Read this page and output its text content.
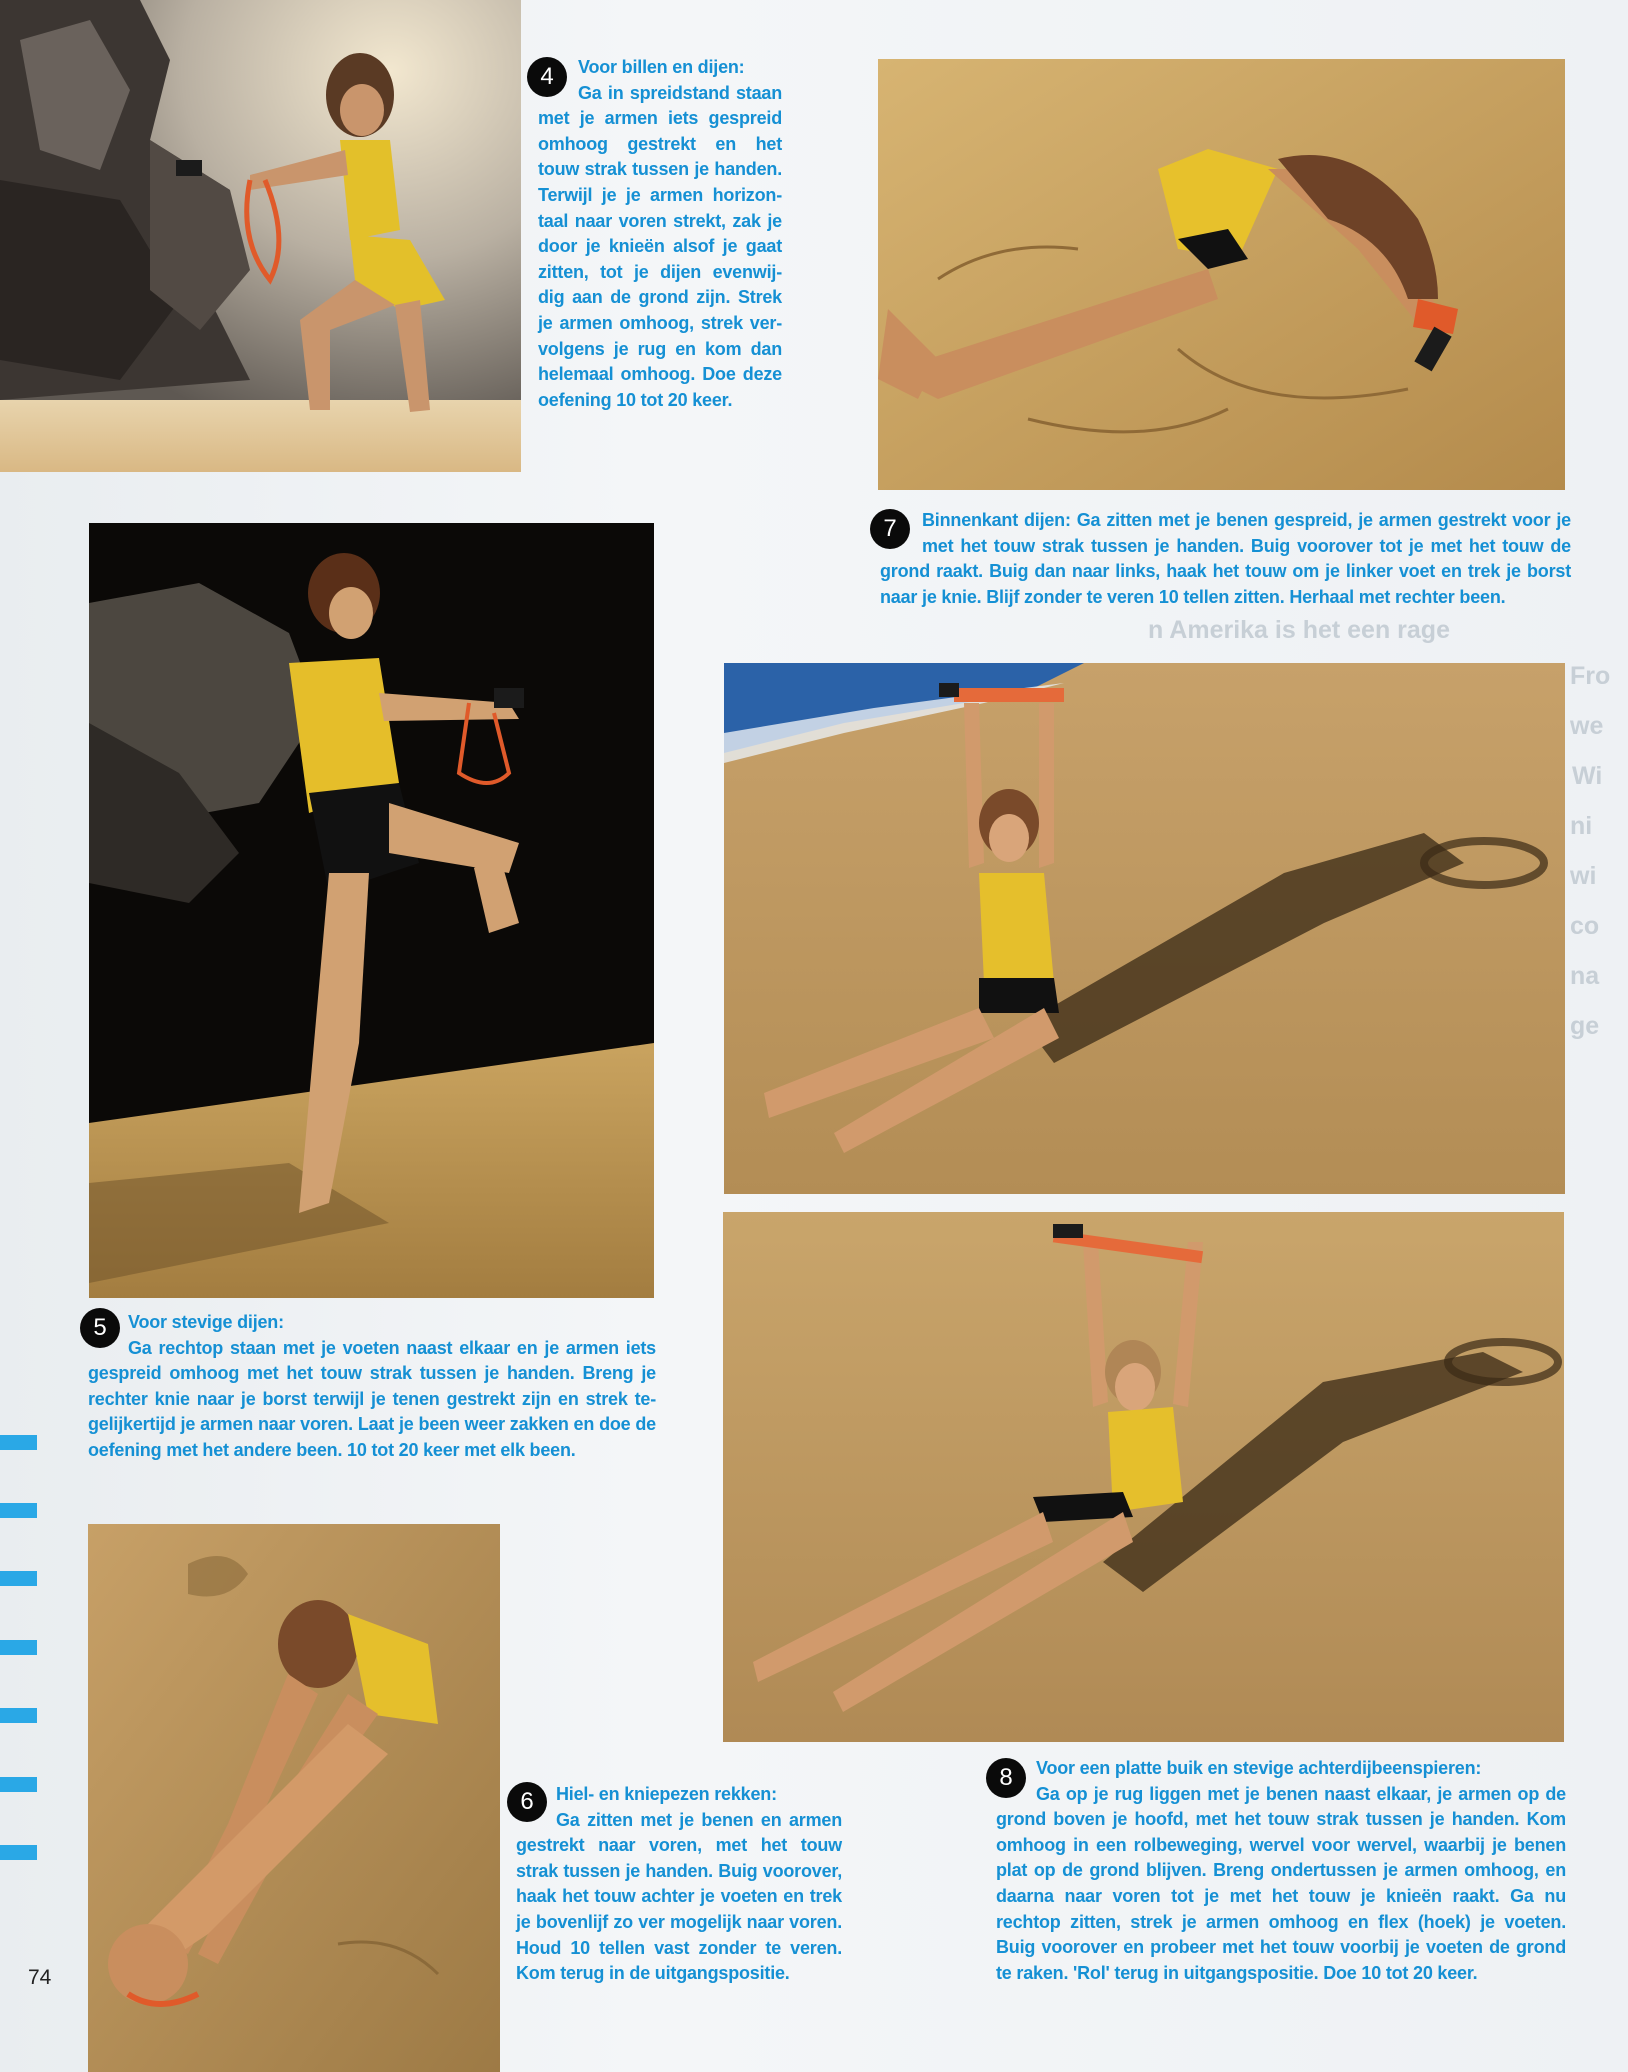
n Amerika is het een rage
Fro
we
Wi
ni
wi
co
na
ge
4	Voor billen en dijen:
Ga in spreidstand staan
met je armen iets gespreid
omhoog gestrekt en het
touw strak tussen je handen.
Terwijl je je armen horizon-
taal naar voren strekt, zak je
door je knieën alsof je gaat
zitten, tot je dijen evenwij-
dig aan de grond zijn. Strek
je armen omhoog, strek ver-
volgens je rug en kom dan
helemaal omhoog. Doe deze
oefening 10 tot 20 keer.
7	Binnenkant dijen: Ga zitten met je benen gespreid, je armen gestrekt voor je
met het touw strak tussen je handen. Buig voorover tot je met het touw de
grond raakt. Buig dan naar links, haak het touw om je linker voet en trek je borst
naar je knie. Blijf zonder te veren 10 tellen zitten. Herhaal met rechter been.
5	Voor stevige dijen:
Ga rechtop staan met je voeten naast elkaar en je armen iets
gespreid omhoog met het touw strak tussen je handen. Breng je
rechter knie naar je borst terwijl je tenen gestrekt zijn en strek te-
gelijkertijd je armen naar voren. Laat je been weer zakken en doe de
oefening met het andere been. 10 tot 20 keer met elk been.
6	Hiel- en kniepezen rekken:
Ga zitten met je benen en armen
gestrekt naar voren, met het touw
strak tussen je handen. Buig voorover,
haak het touw achter je voeten en trek
je bovenlijf zo ver mogelijk naar voren.
Houd 10 tellen vast zonder te veren.
Kom terug in de uitgangspositie.
8	Voor een platte buik en stevige achterdijbeenspieren:
Ga op je rug liggen met je benen naast elkaar, je armen op de
grond boven je hoofd, met het touw strak tussen je handen. Kom
omhoog in een rolbeweging, wervel voor wervel, waarbij je benen
plat op de grond blijven. Breng ondertussen je armen omhoog, en
daarna naar voren tot je met het touw je knieën raakt. Ga nu
rechtop zitten, strek je armen omhoog en flex (hoek) je voeten.
Buig voorover en probeer met het touw voorbij je voeten de grond
te raken. 'Rol' terug in uitgangspositie. Doe 10 tot 20 keer.
74
